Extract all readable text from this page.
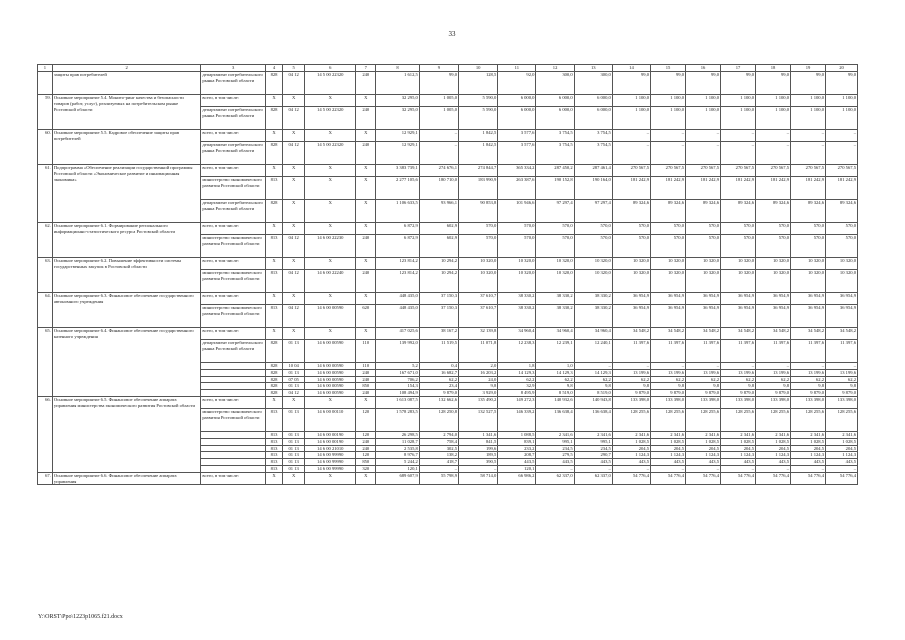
33
1	2	3	4	5	6	7	8	9	10	11	12	13	14	15	16	17	18	19	20
	защиты прав потребителей	департамент потребительского рынка Ростовской области	828	04 12	14 5 00 22320	240	1 612,5	99,0	128,5	92,0	300,0	300,0	99,0	99,0	99,0	99,0	99,0	99,0	99,0
59.	Основное мероприятие 5.4. Монито-ринг качества и безопасности товаров (работ, услуг), реализуемых на потребительском рынке Ростовской области	всего, в том числе:	X	X	X	X	32 295,0	1 005,0	5 590,0	6 000,0	6 000,0	6 000,0	1 100,0	1 100,0	1 100,0	1 100,0	1 100,0	1 100,0	1 100,0
		департамент потребительского рынка Ростовской области	828	04 12	14 5 00 22320	240	32 295,0	1 005,0	5 590,0	6 000,0	6 000,0	6 000,0	1 100,0	1 100,0	1 100,0	1 100,0	1 100,0	1 100,0	1 100,0
60.	Основное мероприятие 5.5. Кадровое обеспечение защиты прав потребителей	всего, в том числе:	X	X	X	X	12 929,1	–	1 842,5	3 577,6	3 754,5	3 754,5	–	–	–	–	–	–	–
		департамент потребительского рынка Ростовской области	828	04 12	14 5 00 22320	240	12 929,1	–	1 842,5	3 577,6	3 754,5	3 754,5	–	–	–	–	–	–	–
61.	Подпрограмма «Обеспечение реализации государственной программы Ростовской области «Экономическое развитие и инновационная экономика»	всего, в том числе:	X	X	X	X	3 383 739,1	274 676,1	274 844,7	365 334,2	287 450,2	287 461,4	270 567,5	270 567,5	270 567,5	270 567,5	270 567,5	270 567,5	270 567,5
		министерство экономического развития Ростовской области	813	X	X	X	2 277 105,6	180 710,0	183 990,9	263 387,6	190 152,8	190 164,0	181 242,9	181 242,9	181 242,9	181 242,9	181 242,9	181 242,9	181 242,9
		департамент потребительского рынка Ростовской области	828	X	X	X	1 106 633,5	93 966,1	90 853,8	101 946,6	97 297,4	97 297,4	89 324,6	89 324,6	89 324,6	89 324,6	89 324,6	89 324,6	89 324,6
62.	Основное мероприятие 6.1. Формирование регионального информационно-статистического ресурса Ростовской области	всего, в том числе:	X	X	X	X	6 872,9	602,9	570,0	570,0	570,0	570,0	570,0	570,0	570,0	570,0	570,0	570,0	570,0
		министерство экономического развития Ростовской области	813	04 12	14 6 00 22230	240	6 872,9	602,9	570,0	570,0	570,0	570,0	570,0	570,0	570,0	570,0	570,0	570,0	570,0
63.	Основное мероприятие 6.2. Повышение эффективности системы государственных закупок в Ростовской области	всего, в том числе:	X	X	X	X	123 814,2	10 294,2	10 320,0	10 320,0	10 320,0	10 320,0	10 320,0	10 320,0	10 320,0	10 320,0	10 320,0	10 320,0	10 320,0
		министерство экономического развития Ростовской области	813	04 12	14 6 00 22240	240	123 814,2	10 294,2	10 320,0	10 320,0	10 320,0	10 320,0	10 320,0	10 320,0	10 320,0	10 320,0	10 320,0	10 320,0	10 320,0
64.	Основное мероприятие 6.3. Финансовое обеспечение государственного автономного учреждения	всего, в том числе:	X	X	X	X	448 435,0	37 150,3	37 610,7	38 330,2	38 330,2	38 330,2	36 954,9	36 954,9	36 954,9	36 954,9	36 954,9	36 954,9	36 954,9
		министерство экономического развития Ростовской области	813	04 12	14 6 00 00590	620	448 435,0	37 150,3	37 610,7	38 330,2	38 330,2	38 330,2	36 954,9	36 954,9	36 954,9	36 954,9	36 954,9	36 954,9	36 954,9
65.	Основное мероприятие 6.4. Финансовое обеспечение государственного казенного учреждения	всего, в том числе:	X	X	X	X	417 025,6	38 167,2	32 139,8	34 960,4	34 960,4	34 960,4	34 548,2	34 548,2	34 548,2	34 548,2	34 548,2	34 548,2	34 548,2
		департамент потребительского рынка Ростовской области	828	01 13	14 6 00 00590	110	139 992,0	11 519,5	11 071,8	12 238,3	12 239,1	12 240,1	11 397,6	11 397,6	11 397,6	11 397,6	11 397,6	11 397,6	11 397,6
			828	10 04	14 6 00 00590	110	5,2	0,4	2,0	1,8	1,0	–	–	–	–	–	–	–	–
			828	01 13	14 6 00 00590	240	167 671,0	16 682,7	16 203,2	14 129,3	14 129,3	14 129,3	13 199,6	13 199,6	13 199,6	13 199,6	13 199,6	13 199,6	13 199,6
			828	07 05	14 6 00 00590	240	706,2	62,2	24,0	62,2	62,2	62,2	62,2	62,2	62,2	62,2	62,2	62,2	62,2
			828	01 13	14 6 00 00590	850	154,3	23,4	9,8	32,9	9,8	9,8	9,8	9,8	9,8	9,8	9,8	9,8	9,8
			828	04 12	14 6 00 00590	240	108 494,9	9 879,0	3 929,0	8 495,9	8 519,0	8 519,0	9 879,0	9 879,0	9 879,0	9 879,0	9 879,0	9 879,0	9 879,0
66.	Основное мероприятие 6.5. Финансовое обеспечение аппарата управления министерства экономического развития Ростовской области	всего, в том числе:	X	X	X	X	1 613 087,5	132 662,6	135 490,2	149 272,3	140 932,6	140 943,8	133 398,0	133 398,0	133 398,0	133 398,0	133 398,0	133 398,0	133 398,0
		министерство экономического развития Ростовской области	813	01 13	14 6 00 00110	120	1 578 283,5	128 250,8	132 527,5	146 339,2	136 638,4	136 638,4	128 255,6	128 255,6	128 255,6	128 255,6	128 255,6	128 255,6	128 255,6
			813	01 13	14 6 00 00190	120	26 298,5	2 794,0	1 341,6	1 088,5	2 341,6	2 341,6	2 341,6	2 341,6	2 341,6	2 341,6	2 341,6	2 341,6	2 341,6
			813	01 13	14 6 00 00190	240	11 028,7	758,4	841,5	839,1	995,1	995,1	1 028,5	1 028,5	1 028,5	1 028,5	1 028,5	1 028,5	1 028,5
			813	01 13	14 6 00 21010	240	2 535,8	302,5	199,6	233,2	234,5	234,5	204,5	204,5	204,5	204,5	204,5	204,5	204,5
			813	01 13	14 6 00 99990	120	8 976,7	138,2	189,5	208,7	279,5	290,7	1 124,3	1 124,3	1 124,3	1 124,3	1 124,3	1 124,3	1 124,3
			813	01 13	14 6 00 99990	850	5 244,2	418,7	390,5	443,5	443,5	443,5	443,5	443,5	443,5	443,5	443,5	443,5	443,5
			813	01 13	14 6 00 99990	320	120,1	–	–	120,1	–	–	–	–	–	–	–	–	–
67.	Основное мероприятие 6.6. Финансовое обеспечение аппарата управления	всего, в том числе:	X	X	X	X	689 607,9	55 798,9	58 714,0	66 986,2	62 337,0	62 337,0	54 776,4	54 776,4	54 776,4	54 776,4	54 776,4	54 776,4	54 776,4
Y:\ORST\Ppo\1223p1065.f21.docx
